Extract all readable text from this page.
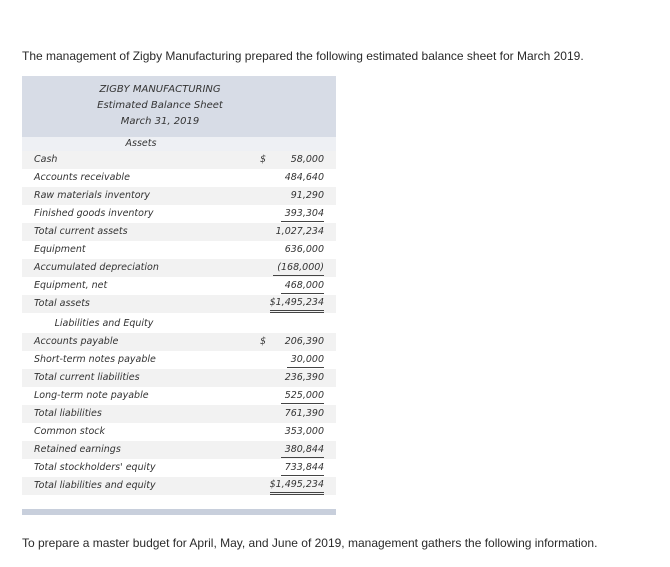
The management of Zigby Manufacturing prepared the following estimated balance sheet for March 2019.
ZIGBY MANUFACTURING
Estimated Balance Sheet
March 31, 2019
Assets
Cash	$	58,000
Accounts receivable	484,640
Raw materials inventory	91,290
Finished goods inventory	393,304
Total current assets	1,027,234
Equipment	636,000
Accumulated depreciation	(168,000)
Equipment, net	468,000
Total assets	$1,495,234
Liabilities and Equity
Accounts payable	$ 206,390
Short-term notes payable	30,000
Total current liabilities	236,390
Long-term note payable	525,000
Total liabilities	761,390
Common stock	353,000
Retained earnings	380,844
Total stockholders' equity	733,844
Total liabilities and equity	$1,495,234
To prepare a master budget for April, May, and June of 2019, management gathers the following information.
